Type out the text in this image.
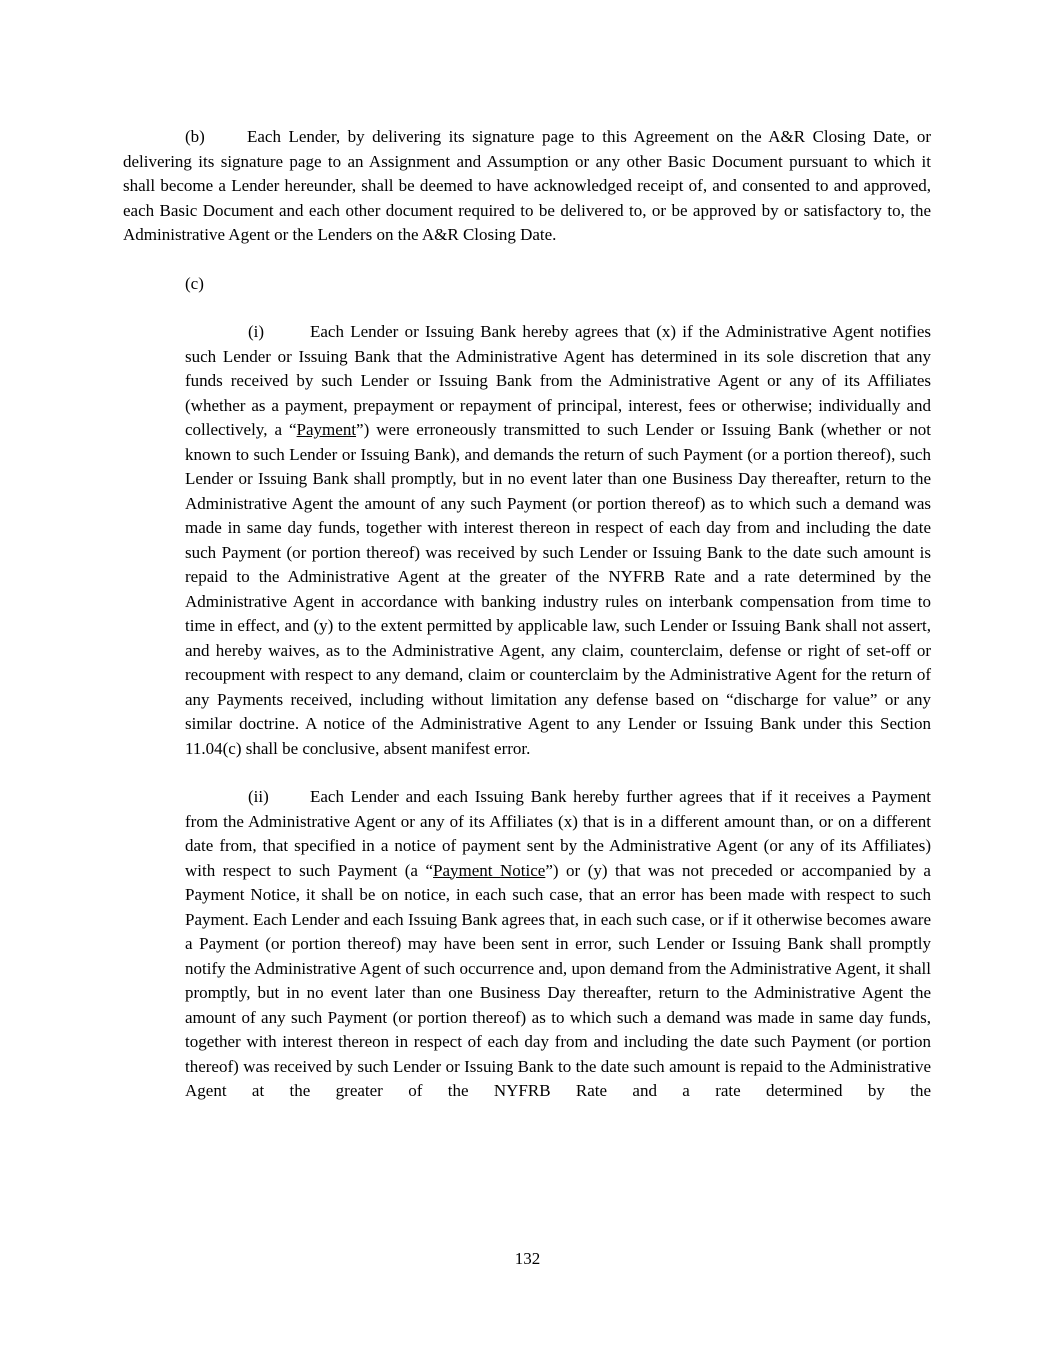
(b) Each Lender, by delivering its signature page to this Agreement on the A&R Closing Date, or delivering its signature page to an Assignment and Assumption or any other Basic Document pursuant to which it shall become a Lender hereunder, shall be deemed to have acknowledged receipt of, and consented to and approved, each Basic Document and each other document required to be delivered to, or be approved by or satisfactory to, the Administrative Agent or the Lenders on the A&R Closing Date.

(c)

(i)	Each Lender or Issuing Bank hereby agrees that (x) if the Administrative Agent notifies such Lender or Issuing Bank that the Administrative Agent has determined in its sole discretion that any funds received by such Lender or Issuing Bank from the Administrative Agent or any of its Affiliates (whether as a payment, prepayment or repayment of principal, interest, fees or otherwise; individually and collectively, a “Payment”) were erroneously transmitted to such Lender or Issuing Bank (whether or not known to such Lender or Issuing Bank), and demands the return of such Payment (or a portion thereof), such Lender or Issuing Bank shall promptly, but in no event later than one Business Day thereafter, return to the Administrative Agent the amount of any such Payment (or portion thereof) as to which such a demand was made in same day funds, together with interest thereon in respect of each day from and including the date such Payment (or portion thereof) was received by such Lender or Issuing Bank to the date such amount is repaid to the Administrative Agent at the greater of the NYFRB Rate and a rate determined by the Administrative Agent in accordance with banking industry rules on interbank compensation from time to time in effect, and (y) to the extent permitted by applicable law, such Lender or Issuing Bank shall not assert, and hereby waives, as to the Administrative Agent, any claim, counterclaim, defense or right of set-off or recoupment with respect to any demand, claim or counterclaim by the Administrative Agent for the return of any Payments received, including without limitation any defense based on “discharge for value” or any similar doctrine. A notice of the Administrative Agent to any Lender or Issuing Bank under this Section 11.04(c) shall be conclusive, absent manifest error.

(ii) Each Lender and each Issuing Bank hereby further agrees that if it receives a Payment from the Administrative Agent or any of its Affiliates (x) that is in a different amount than, or on a different date from, that specified in a notice of payment sent by the Administrative Agent (or any of its Affiliates) with respect to such Payment (a “Payment Notice”) or (y) that was not preceded or accompanied by a Payment Notice, it shall be on notice, in each such case, that an error has been made with respect to such Payment. Each Lender and each Issuing Bank agrees that, in each such case, or if it otherwise becomes aware a Payment (or portion thereof) may have been sent in error, such Lender or Issuing Bank shall promptly notify the Administrative Agent of such occurrence and, upon demand from the Administrative Agent, it shall promptly, but in no event later than one Business Day thereafter, return to the Administrative Agent the amount of any such Payment (or portion thereof) as to which such a demand was made in same day funds, together with interest thereon in respect of each day from and including the date such Payment (or portion thereof) was received by such Lender or Issuing Bank to the date such amount is repaid to the Administrative Agent at the greater of the NYFRB Rate and a rate determined by the

132
